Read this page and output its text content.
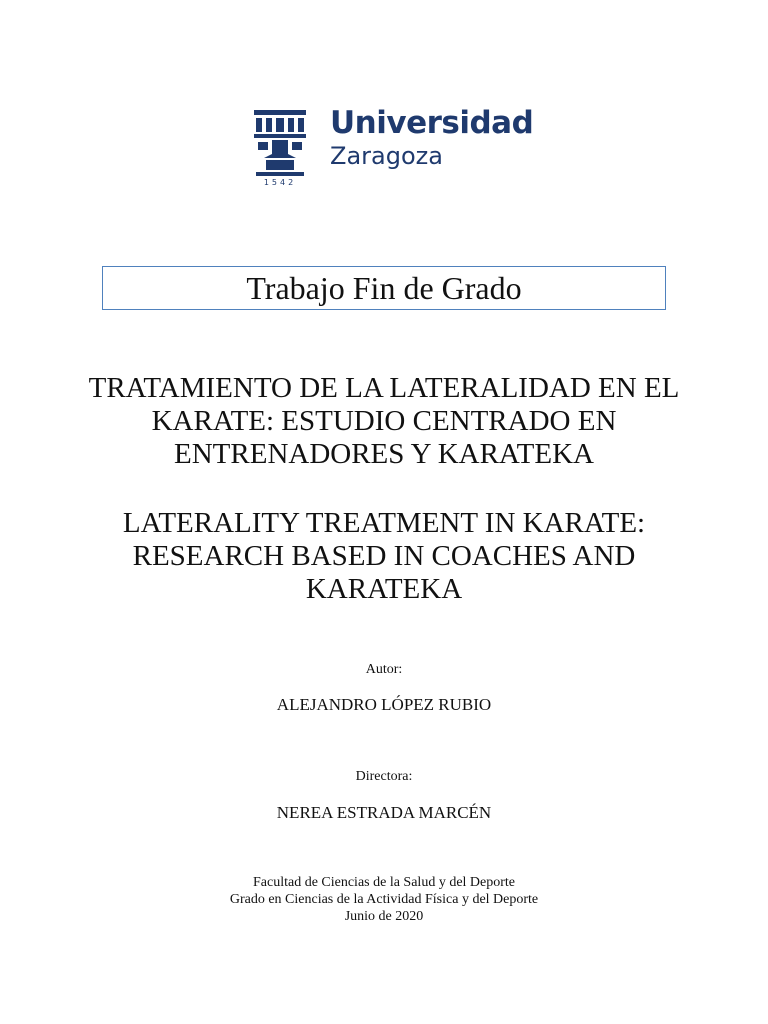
Universidad
Zaragoza
1542
Trabajo Fin de Grado
TRATAMIENTO DE LA LATERALIDAD EN EL KARATE: ESTUDIO CENTRADO EN ENTRENADORES Y KARATEKA
LATERALITY TREATMENT IN KARATE: RESEARCH BASED IN COACHES AND KARATEKA
Autor:
ALEJANDRO LÓPEZ RUBIO
Directora:
NEREA ESTRADA MARCÉN
Facultad de Ciencias de la Salud y del Deporte
Grado en Ciencias de la Actividad Física y del Deporte
Junio de 2020
